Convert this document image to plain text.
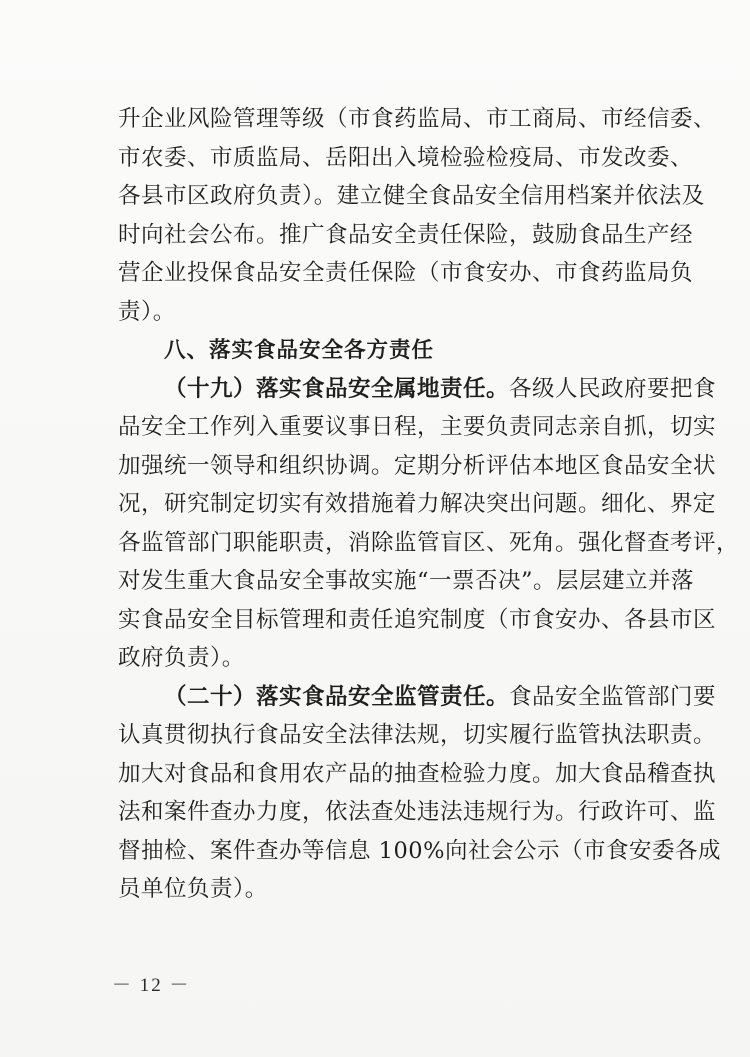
升企业风险管理等级（市食药监局、市工商局、市经信委、
市农委、市质监局、岳阳出入境检验检疫局、市发改委、
各县市区政府负责）。建立健全食品安全信用档案并依法及
时向社会公布。推广食品安全责任保险，鼓励食品生产经
营企业投保食品安全责任保险（市食安办、市食药监局负
责）。
八、落实食品安全各方责任
（十九）落实食品安全属地责任。各级人民政府要把食
品安全工作列入重要议事日程，主要负责同志亲自抓，切实
加强统一领导和组织协调。定期分析评估本地区食品安全状
况，研究制定切实有效措施着力解决突出问题。细化、界定
各监管部门职能职责，消除监管盲区、死角。强化督查考评，
对发生重大食品安全事故实施“一票否决”。层层建立并落
实食品安全目标管理和责任追究制度（市食安办、各县市区
政府负责）。
（二十）落实食品安全监管责任。食品安全监管部门要
认真贯彻执行食品安全法律法规，切实履行监管执法职责。
加大对食品和食用农产品的抽查检验力度。加大食品稽查执
法和案件查办力度，依法查处违法违规行为。行政许可、监
督抽检、案件查办等信息 100%向社会公示（市食安委各成
员单位负责）。
－ 12 －
